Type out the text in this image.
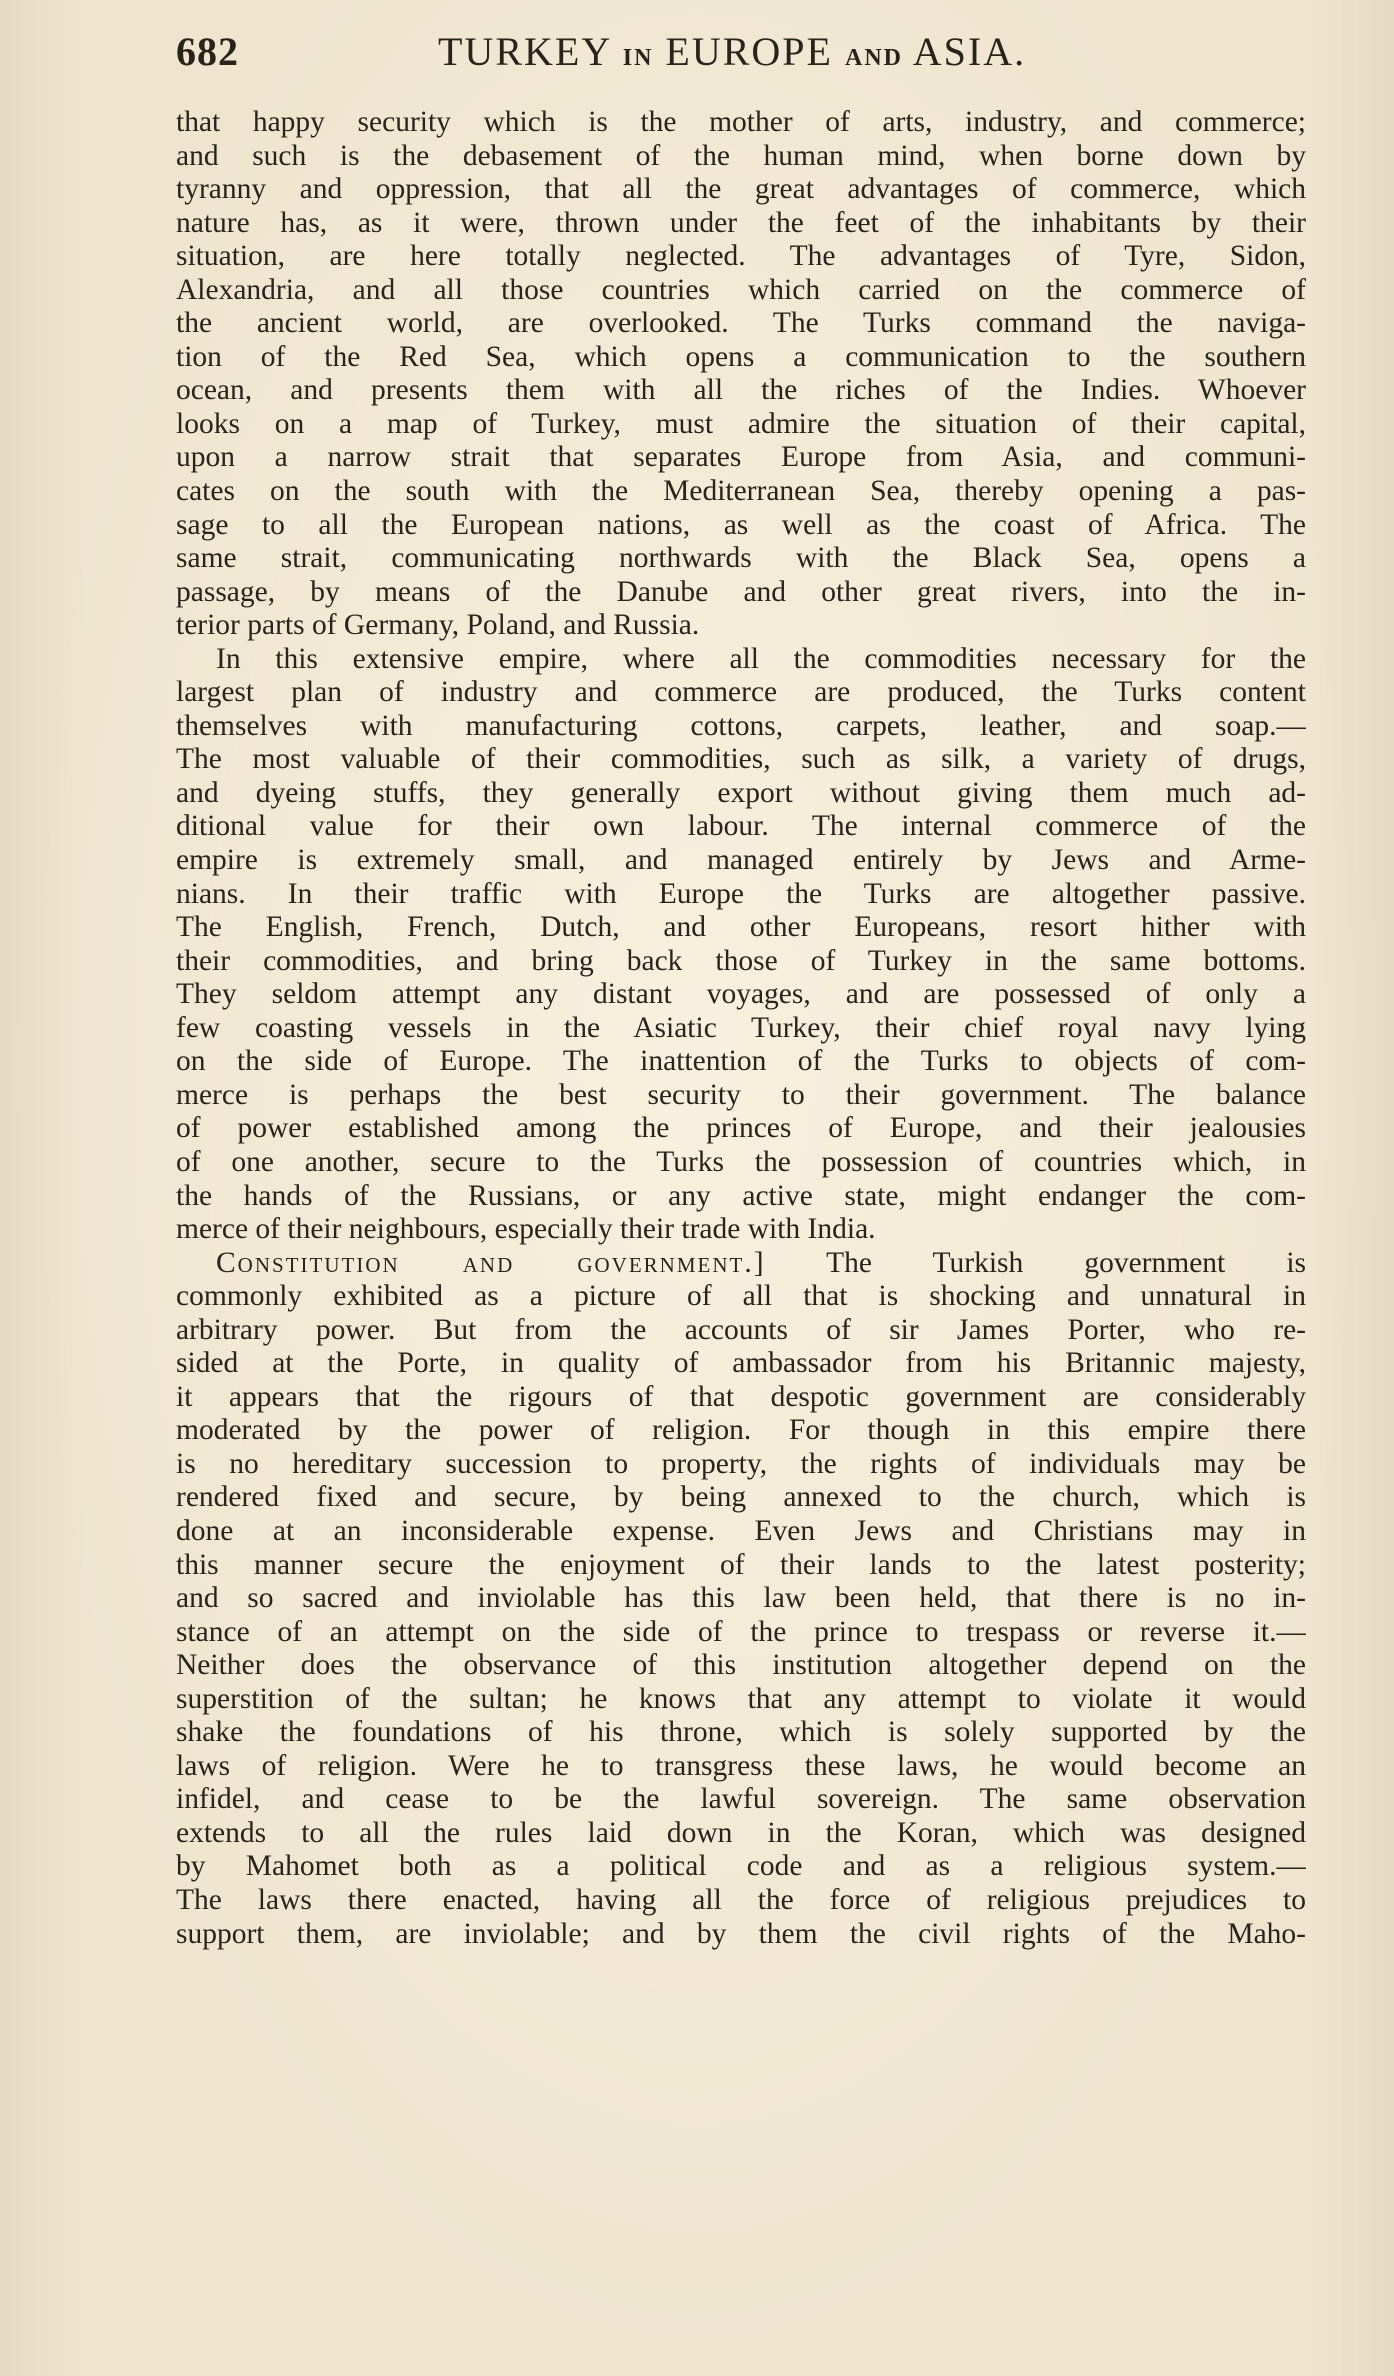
682	TURKEY IN EUROPE AND ASIA.
that happy security which is the mother of arts, industry, and commerce;
and such is the debasement of the human mind, when borne down by
tyranny and oppression, that all the great advantages of commerce, which
nature has, as it were, thrown under the feet of the inhabitants by their
situation, are here totally neglected. The advantages of Tyre, Sidon,
Alexandria, and all those countries which carried on the commerce of
the ancient world, are overlooked. The Turks command the naviga-
tion of the Red Sea, which opens a communication to the southern
ocean, and presents them with all the riches of the Indies. Whoever
looks on a map of Turkey, must admire the situation of their capital,
upon a narrow strait that separates Europe from Asia, and communi-
cates on the south with the Mediterranean Sea, thereby opening a pas-
sage to all the European nations, as well as the coast of Africa. The
same strait, communicating northwards with the Black Sea, opens a
passage, by means of the Danube and other great rivers, into the in-
terior parts of Germany, Poland, and Russia.
In this extensive empire, where all the commodities necessary for the
largest plan of industry and commerce are produced, the Turks content
themselves with manufacturing cottons, carpets, leather, and soap.—
The most valuable of their commodities, such as silk, a variety of drugs,
and dyeing stuffs, they generally export without giving them much ad-
ditional value for their own labour. The internal commerce of the
empire is extremely small, and managed entirely by Jews and Arme-
nians. In their traffic with Europe the Turks are altogether passive.
The English, French, Dutch, and other Europeans, resort hither with
their commodities, and bring back those of Turkey in the same bottoms.
They seldom attempt any distant voyages, and are possessed of only a
few coasting vessels in the Asiatic Turkey, their chief royal navy lying
on the side of Europe. The inattention of the Turks to objects of com-
merce is perhaps the best security to their government. The balance
of power established among the princes of Europe, and their jealousies
of one another, secure to the Turks the possession of countries which, in
the hands of the Russians, or any active state, might endanger the com-
merce of their neighbours, especially their trade with India.
Constitution and government.] The Turkish government is
commonly exhibited as a picture of all that is shocking and unnatural in
arbitrary power. But from the accounts of sir James Porter, who re-
sided at the Porte, in quality of ambassador from his Britannic majesty,
it appears that the rigours of that despotic government are considerably
moderated by the power of religion. For though in this empire there
is no hereditary succession to property, the rights of individuals may be
rendered fixed and secure, by being annexed to the church, which is
done at an inconsiderable expense. Even Jews and Christians may in
this manner secure the enjoyment of their lands to the latest posterity;
and so sacred and inviolable has this law been held, that there is no in-
stance of an attempt on the side of the prince to trespass or reverse it.—
Neither does the observance of this institution altogether depend on the
superstition of the sultan; he knows that any attempt to violate it would
shake the foundations of his throne, which is solely supported by the
laws of religion. Were he to transgress these laws, he would become an
infidel, and cease to be the lawful sovereign. The same observation
extends to all the rules laid down in the Koran, which was designed
by Mahomet both as a political code and as a religious system.—
The laws there enacted, having all the force of religious prejudices to
support them, are inviolable; and by them the civil rights of the Maho-
